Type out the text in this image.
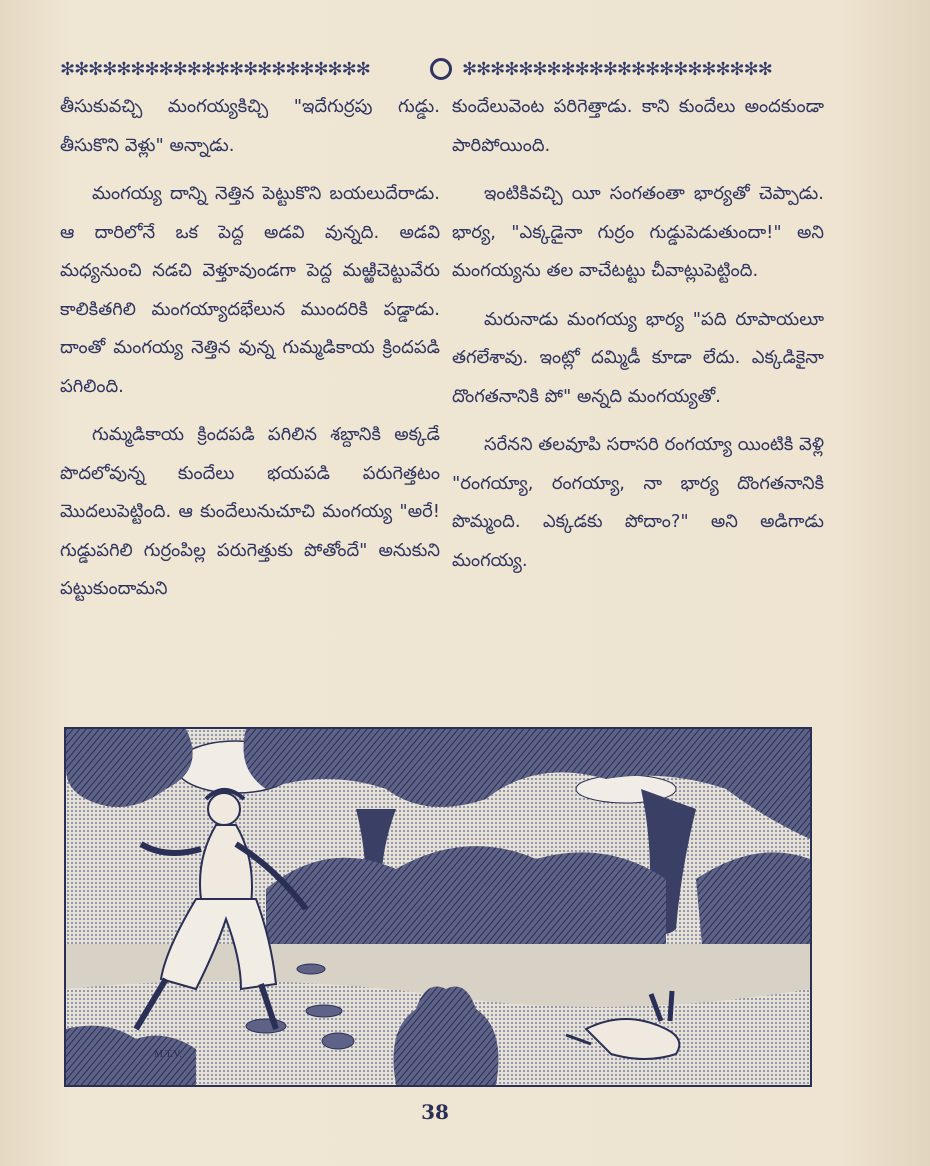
✻✻✻✻✻✻✻✻✻✻✻✻✻✻✻✻✻✻✻✻✻✻	✻✻✻✻✻✻✻✻✻✻✻✻✻✻✻✻✻✻✻✻✻✻

తీసుకువచ్చి మంగయ్యకిచ్చి "ఇదేగుర్రపు గుడ్డు. తీసుకొని వెళ్లు" అన్నాడు.

మంగయ్య దాన్ని నెత్తిన పెట్టుకొని బయలుదేరాడు. ఆ దారిలోనే ఒక పెద్ద అడవి వున్నది. అడవి మధ్యనుంచి నడచి వెళ్తూవుండగా పెద్ద మఱ్ఱిచెట్టువేరు కాలికితగిలి మంగయ్యాదభేలున ముందరికి పడ్డాడు. దాంతో మంగయ్య నెత్తిన వున్న గుమ్మడికాయ క్రిందపడి పగిలింది.

గుమ్మడికాయ క్రిందపడి పగిలిన శబ్దానికి అక్కడే పొదలోవున్న కుందేలు భయపడి పరుగెత్తటం మొదలుపెట్టింది. ఆ కుందేలునుచూచి మంగయ్య "అరే! గుడ్డుపగిలి గుర్రంపిల్ల పరుగెత్తుకు పోతోందే" అనుకుని పట్టుకుందామని

కుందేలువెంట పరిగెత్తాడు. కాని కుందేలు అందకుండా పారిపోయింది.

ఇంటికివచ్చి యీ సంగతంతా భార్యతో చెప్పాడు. భార్య, "ఎక్కడైనా గుర్రం గుడ్డుపెడుతుందా!" అని మంగయ్యను తల వాచేటట్టు చీవాట్లుపెట్టింది.

మరునాడు మంగయ్య భార్య "పది రూపాయలూ తగలేశావు. ఇంట్లో దమ్మిడీ కూడా లేదు. ఎక్కడికైనా దొంగతనానికి పో" అన్నది మంగయ్యతో.

సరేనని తలవూపి సరాసరి రంగయ్యా యింటికి వెళ్లి "రంగయ్యా, రంగయ్యా, నా భార్య దొంగతనానికి పొమ్మంది. ఎక్కడకు పోదాం?" అని అడిగాడు మంగయ్య.

M.T.V.
38
